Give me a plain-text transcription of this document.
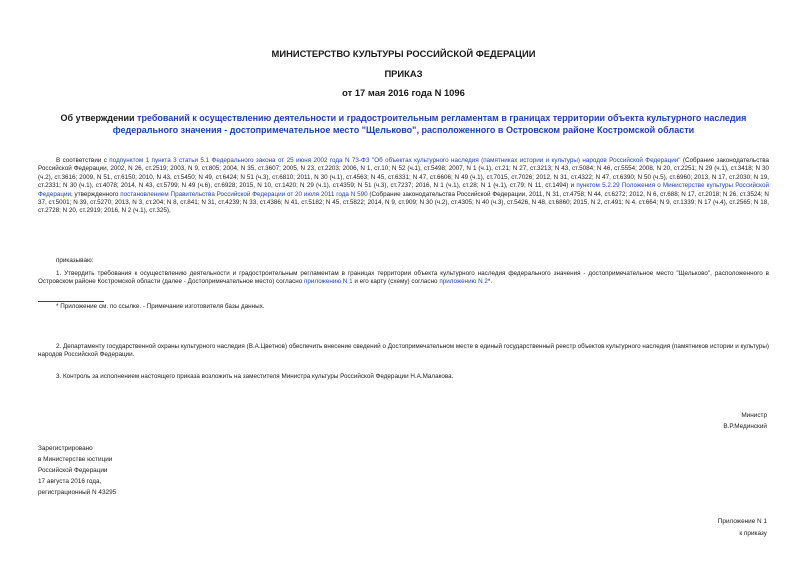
МИНИСТЕРСТВО КУЛЬТУРЫ РОССИЙСКОЙ ФЕДЕРАЦИИ
ПРИКАЗ
от 17 мая 2016 года N 1096
Об утверждении требований к осуществлению деятельности и градостроительным регламентам в границах территории объекта культурного наследия федерального значения - достопримечательное место "Щельково", расположенного в Островском районе Костромской области
В соответствии с подпунктом 1 пункта 3 статьи 5.1 Федерального закона от 25 июня 2002 года N 73-ФЗ "Об объектах культурного наследия (памятниках истории и культуры) народов Российской Федерации" (Собрание законодательства Российской Федерации, 2002, N 26, ст.2519; 2003, N 9, ст.805; 2004, N 35, ст.3607; 2005, N 23, ст.2203; 2006, N 1, ст.10; N 52 (ч.1), ст.5498; 2007, N 1 (ч.1), ст.21; N 27, ст.3213; N 43, ст.5084; N 46, ст.5554; 2008, N 20, ст.2251; N 29 (ч.1), ст.3418; N 30 (ч.2), ст.3616; 2009, N 51, ст.6150; 2010, N 43, ст.5450; N 49, ст.6424; N 51 (ч.3), ст.6810; 2011, N 30 (ч.1), ст.4563; N 45, ст.6331; N 47, ст.6606; N 49 (ч.1), ст.7015, ст.7026; 2012, N 31, ст.4322; N 47, ст.6390; N 50 (ч.5), ст.6960; 2013, N 17, ст.2030; N 19, ст.2331; N 30 (ч.1), ст.4078; 2014, N 43, ст.5799; N 49 (ч.6), ст.6928; 2015, N 10, ст.1420; N 29 (ч.1), ст.4359; N 51 (ч.3), ст.7237; 2016, N 1 (ч.1), ст.28; N 1 (ч.1), ст.79; N 11, ст.1494) и пунктом 5.2.29 Положения о Министерстве культуры Российской Федерации, утвержденного постановлением Правительства Российской Федерации от 20 июля 2011 года N 590 (Собрание законодательства Российской Федерации, 2011, N 31, ст.4758; N 44, ст.6272; 2012, N 6, ст.688; N 17, ст.2018; N 26, ст.3524; N 37, ст.5001; N 39, ст.5270; 2013, N 3, ст.204; N 8, ст.841; N 31, ст.4239; N 33, ст.4386; N 41, ст.5182; N 45, ст.5822; 2014, N 9, ст.909; N 30 (ч.2), ст.4305; N 40 (ч.3), ст.5426, N 48, ст.6860; 2015, N 2, ст.491; N 4, ст.664; N 9, ст.1339; N 17 (ч.4), ст.2565; N 18, ст.2728; N 20, ст.2919; 2016, N 2 (ч.1), ст.325),
приказываю:
1. Утвердить требования к осуществлению деятельности и градостроительным регламентам в границах территории объекта культурного наследия федерального значения - достопримечательное место "Щельково", расположенного в Островском районе Костромской области (далее - Достопримечательное место) согласно приложению N 1 и его карту (схему) согласно приложению N 2*.
* Приложение см. по ссылке. - Примечание изготовителя базы данных.
2. Департаменту государственной охраны культурного наследия (В.А.Цветнов) обеспечить внесение сведений о Достопримечательном месте в единый государственный реестр объектов культурного наследия (памятников истории и культуры) народов Российской Федерации.
3. Контроль за исполнением настоящего приказа возложить на заместителя Министра культуры Российской Федерации Н.А.Малакова.
Министр
В.Р.Мединский
Зарегистрировано
в Министерстве юстиции
Российской Федерации
17 августа 2016 года,
регистрационный N 43295
Приложение N 1
к приказу
